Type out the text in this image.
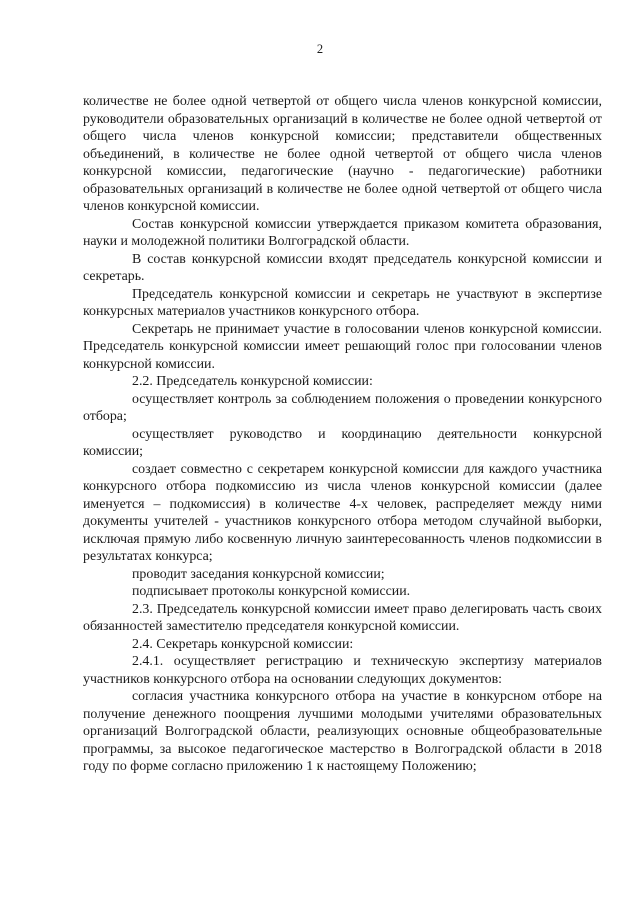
2

количестве не более одной четвертой от общего числа членов конкурсной комиссии, руководители образовательных организаций в количестве не более одной четвертой от общего числа членов конкурсной комиссии; представители общественных объединений, в количестве не более одной четвертой от общего числа членов конкурсной комиссии, педагогические (научно - педагогические) работники образовательных организаций в количестве не более одной четвертой от общего числа членов конкурсной комиссии.

Состав конкурсной комиссии утверждается приказом комитета образования, науки и молодежной политики Волгоградской области.

В состав конкурсной комиссии входят председатель конкурсной комиссии и секретарь.

Председатель конкурсной комиссии и секретарь не участвуют в экспертизе конкурсных материалов участников конкурсного отбора.

Секретарь не принимает участие в голосовании членов конкурсной комиссии. Председатель конкурсной комиссии имеет решающий голос при голосовании членов конкурсной комиссии.

2.2. Председатель конкурсной комиссии:

осуществляет контроль за соблюдением положения о проведении конкурсного отбора;

осуществляет руководство и координацию деятельности конкурсной комиссии;

создает совместно с секретарем конкурсной комиссии для каждого участника конкурсного отбора подкомиссию из числа членов конкурсной комиссии (далее именуется – подкомиссия) в количестве 4-х человек, распределяет между ними документы учителей - участников конкурсного отбора методом случайной выборки, исключая прямую либо косвенную личную заинтересованность членов подкомиссии в результатах конкурса;

проводит заседания конкурсной комиссии;

подписывает протоколы конкурсной комиссии.

2.3. Председатель конкурсной комиссии имеет право делегировать часть своих обязанностей заместителю председателя конкурсной комиссии.

2.4. Секретарь конкурсной комиссии:

2.4.1. осуществляет регистрацию и техническую экспертизу материалов участников конкурсного отбора на основании следующих документов:

согласия участника конкурсного отбора на участие в конкурсном отборе на получение денежного поощрения лучшими молодыми учителями образовательных организаций Волгоградской области, реализующих основные общеобразовательные программы, за высокое педагогическое мастерство в Волгоградской области в 2018 году по форме согласно приложению 1 к настоящему Положению;
